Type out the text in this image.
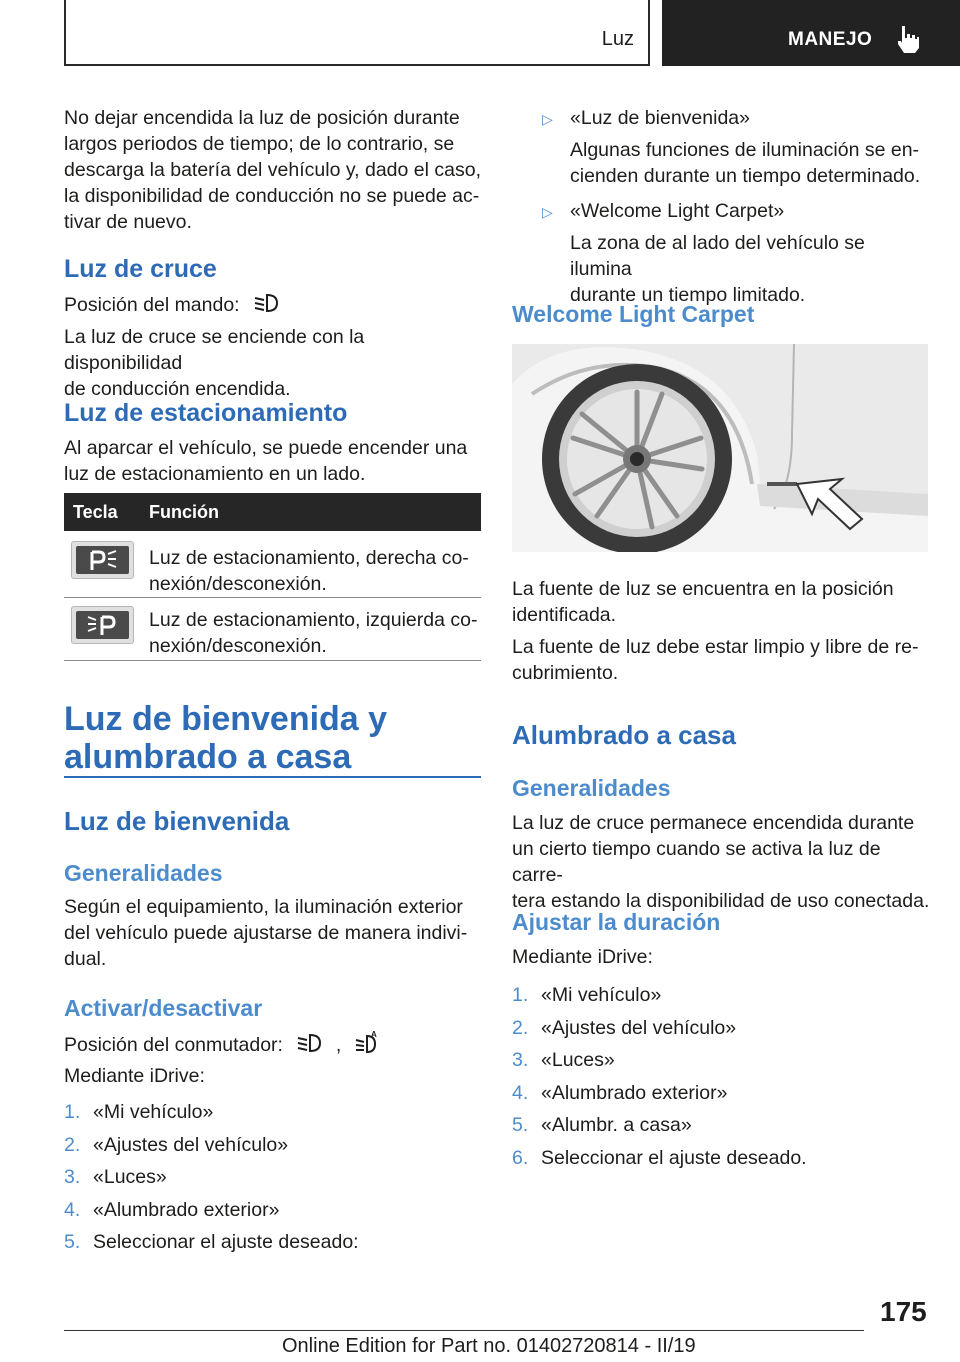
Luz	MANEJO
No dejar encendida la luz de posición durante
largos periodos de tiempo; de lo contrario, se
descarga la batería del vehículo y, dado el caso,
la disponibilidad de conducción no se puede ac-
tivar de nuevo.
Luz de cruce
Posición del mando:
La luz de cruce se enciende con la disponibilidad
de conducción encendida.
Luz de estacionamiento
Al aparcar el vehículo, se puede encender una
luz de estacionamiento en un lado.
Tecla Función
Luz de estacionamiento, derecha co-
nexión/desconexión.
Luz de estacionamiento, izquierda co-
nexión/desconexión.
Luz de bienvenida y
alumbrado a casa
Luz de bienvenida
Generalidades
Según el equipamiento, la iluminación exterior
del vehículo puede ajustarse de manera indivi-
dual.
Activar/desactivar
Posición del conmutador:	,	A
Mediante iDrive:
1. «Mi vehículo»
2. «Ajustes del vehículo»
3. «Luces»
4. «Alumbrado exterior»
5. Seleccionar el ajuste deseado:
▷ «Luz de bienvenida»
Algunas funciones de iluminación se en-
cienden durante un tiempo determinado.
▷ «Welcome Light Carpet»
La zona de al lado del vehículo se ilumina
durante un tiempo limitado.
Welcome Light Carpet
La fuente de luz se encuentra en la posición
identificada.
La fuente de luz debe estar limpio y libre de re-
cubrimiento.
Alumbrado a casa
Generalidades
La luz de cruce permanece encendida durante
un cierto tiempo cuando se activa la luz de carre-
tera estando la disponibilidad de uso conectada.
Ajustar la duración
Mediante iDrive:
1. «Mi vehículo»
2. «Ajustes del vehículo»
3. «Luces»
4. «Alumbrado exterior»
5. «Alumbr. a casa»
6. Seleccionar el ajuste deseado.
175
Online Edition for Part no. 01402720814 - II/19
